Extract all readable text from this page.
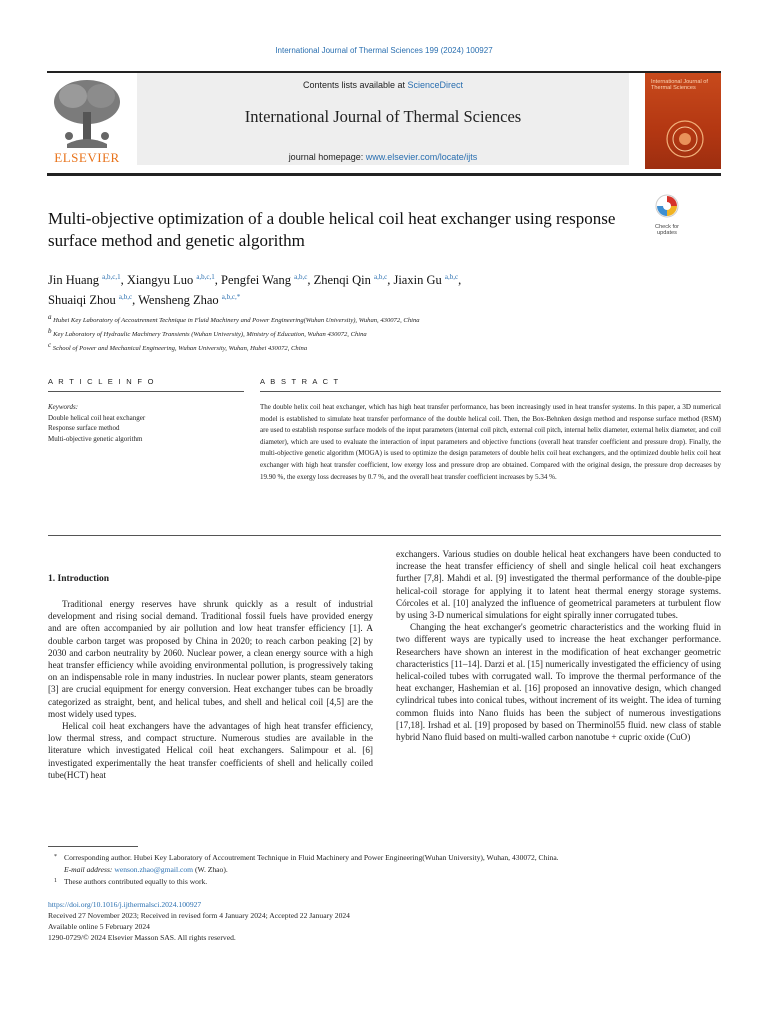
International Journal of Thermal Sciences 199 (2024) 100927
ELSEVIER
Contents lists available at ScienceDirect
International Journal of Thermal Sciences
journal homepage: www.elsevier.com/locate/ijts
International Journal of Thermal Sciences
Multi-objective optimization of a double helical coil heat exchanger using response surface method and genetic algorithm
Check for updates
Jin Huang $^{a,b,c,1}$, Xiangyu Luo $^{a,b,c,1}$, Pengfei Wang $^{a,b,c}$, Zhenqi Qin $^{a,b,c}$, Jiaxin Gu $^{a,b,c}$,
Shuaiqi Zhou $^{a,b,c}$, Wensheng Zhao $^{a,b,c,*}$
$^a$ Hubei Key Laboratory of Accoutrement Technique in Fluid Machinery and Power Engineering(Wuhan University), Wuhan, 430072, China
$^b$ Key Laboratory of Hydraulic Machinery Transients (Wuhan University), Ministry of Education, Wuhan 430072, China
$^c$ School of Power and Mechanical Engineering, Wuhan University, Wuhan, Hubei 430072, China
A R T I C L E I N F O	A B S T R A C T
Keywords:
Double helical coil heat exchanger
Response surface method
Multi-objective genetic algorithm
The double helix coil heat exchanger, which has high heat transfer performance, has been increasingly used in heat transfer systems. In this paper, a 3D numerical model is established to simulate heat transfer performance of the double helical coil. Then, the Box-Behnken design method and response surface method (RSM) are used to establish response surface models of the input parameters (internal coil pitch, external coil pitch, internal helix diameter, external helix diameter, and coil diameter), which are used to evaluate the interaction of input parameters and objective functions (overall heat transfer coefficient and pressure drop). Finally, the multi-objective genetic algorithm (MOGA) is used to optimize the design parameters of double helix coil heat exchangers, and the optimized double helix coil heat exchanger with high heat transfer coefficient, low exergy loss and pressure drop are obtained. Compared with the original design, the pressure drop decreases by 19.90 %, the exergy loss decreases by 0.7 %, and the overall heat transfer coefficient increases by 5.34 %.
1. Introduction

Traditional energy reserves have shrunk quickly as a result of industrial development and rising social demand. Traditional fossil fuels have provided energy and are often accompanied by air pollution and low heat transfer efficiency [1]. A double carbon target was proposed by China in 2020; to reach carbon peaking [2] by 2030 and carbon neutrality by 2060. Nuclear power, a clean energy source with a high heat transfer efficiency while avoiding environmental pollution, is progressively taking on an indispensable role in many industries. In nuclear power plants, steam generators [3] are crucial equipment for energy conversion. Heat exchanger tubes can be broadly categorized as straight, bent, and helical tubes, and shell and helical coil [4,5] are the most widely used types.

Helical coil heat exchangers have the advantages of high heat transfer efficiency, low thermal stress, and compact structure. Numerous studies are available in the literature which investigated Helical coil heat exchangers. Salimpour et al. [6] investigated experimentally the heat transfer coefficients of shell and helically coiled tube(HCT) heat

exchangers. Various studies on double helical heat exchangers have been conducted to increase the heat transfer efficiency of shell and single helical coil heat exchangers further [7,8]. Mahdi et al. [9] investigated the thermal performance of the double-pipe helical-coil storage for applying it to latent heat thermal energy storage systems. Córcoles et al. [10] analyzed the influence of geometrical parameters at turbulent flow by using 3-D numerical simulations for eight spirally inner corrugated tubes.

Changing the heat exchanger's geometric characteristics and the working fluid in two different ways are typically used to increase the heat exchanger performance. Researchers have shown an interest in the modification of heat exchanger geometric characteristics [11–14]. Darzi et al. [15] numerically investigated the efficiency of using helical-coiled tubes with corrugated wall. To improve the thermal performance of the heat exchanger, Hashemian et al. [16] proposed an innovative design, which changed cylindrical tubes into conical tubes, without increment of its weight. The idea of turning common fluids into Nano fluids has been the subject of numerous investigations [17,18]. Irshad et al. [19] proposed by based on Therminol55 fluid. new class of stable hybrid Nano fluid based on multi-walled carbon nanotube + cupric oxide (CuO)

* Corresponding author. Hubei Key Laboratory of Accoutrement Technique in Fluid Machinery and Power Engineering(Wuhan University), Wuhan, 430072, China.

E-mail address: wenson.zhao@gmail.com (W. Zhao).

1 These authors contributed equally to this work.

https://doi.org/10.1016/j.ijthermalsci.2024.100927
Received 27 November 2023; Received in revised form 4 January 2024; Accepted 22 January 2024
Available online 5 February 2024
1290-0729/© 2024 Elsevier Masson SAS. All rights reserved.
